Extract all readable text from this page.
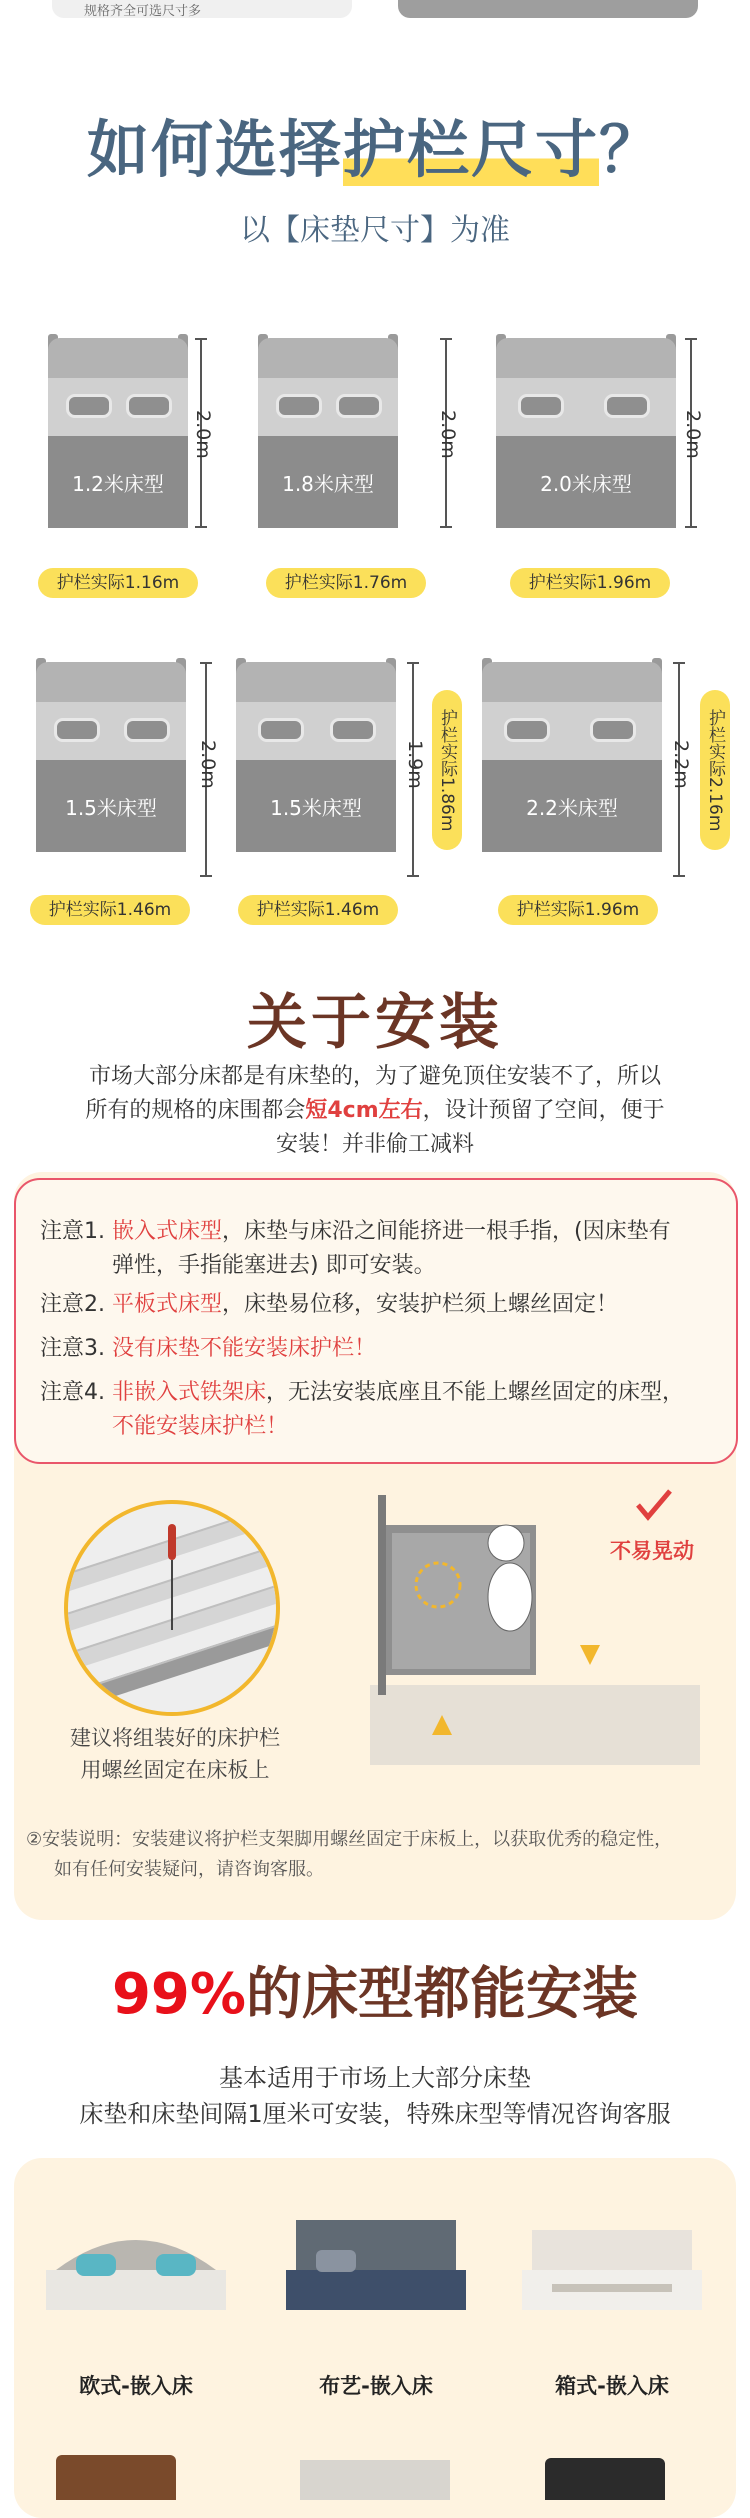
规格齐全可选尺寸多
如何选择护栏尺寸？
以【床垫尺寸】为准
1.2米床型
2.0m
护栏实际1.16m
1.8米床型
2.0m
护栏实际1.76m
2.0米床型
2.0m
护栏实际1.96m
1.5米床型
2.0m
护栏实际1.46m
1.5米床型
1.9m 护栏实际1.86m
护栏实际1.46m
2.2米床型
2.2m 护栏实际2.16m
护栏实际1.96m
关于安装
市场大部分床都是有床垫的，为了避免顶住安装不了，所以
所有的规格的床围都会短4cm左右，设计预留了空间，便于
安装！并非偷工减料
注意1. 嵌入式床型，床垫与床沿之间能挤进一根手指，(因床垫有
弹性，手指能塞进去) 即可安装。
注意2. 平板式床型，床垫易位移，安装护栏须上螺丝固定！
注意3. 没有床垫不能安装床护栏！
注意4. 非嵌入式铁架床，无法安装底座且不能上螺丝固定的床型，
不能安装床护栏！
建议将组装好的床护栏
用螺丝固定在床板上
不易晃动
②安装说明：安装建议将护栏支架脚用螺丝固定于床板上，以获取优秀的稳定性，
如有任何安装疑问，请咨询客服。
99%的床型都能安装
基本适用于市场上大部分床垫
床垫和床垫间隔1厘米可安装，特殊床型等情况咨询客服
欧式-嵌入床	布艺-嵌入床	箱式-嵌入床
